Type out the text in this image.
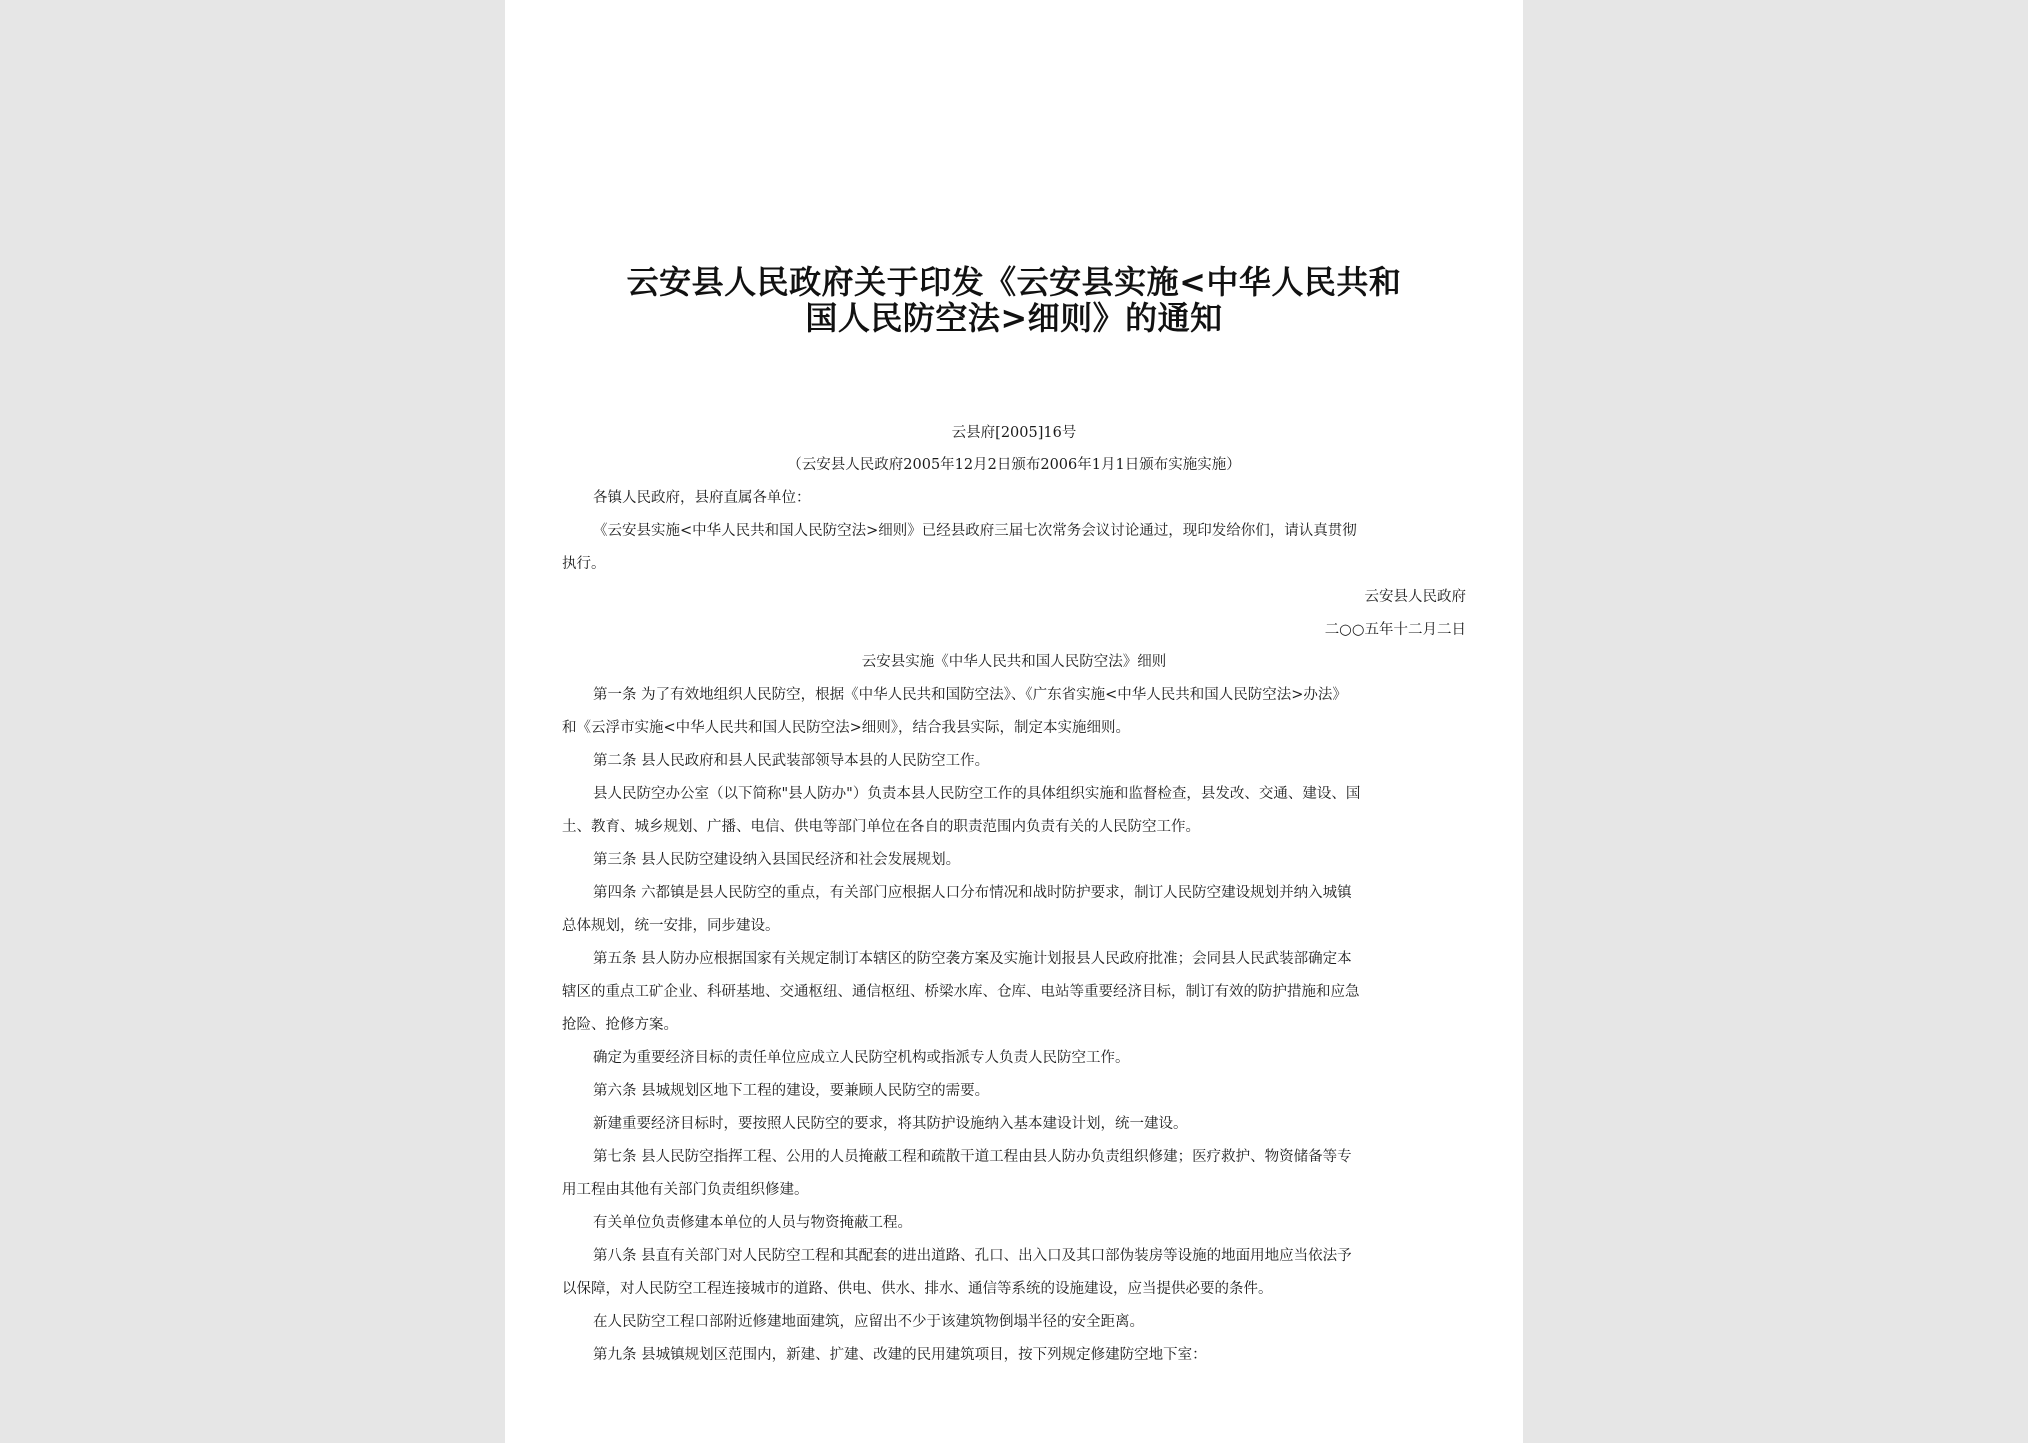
云安县人民政府关于印发《云安县实施<中华人民共和
国人民防空法>细则》的通知

云县府[2005]16号

（云安县人民政府2005年12月2日颁布2006年1月1日颁布实施实施）

各镇人民政府，县府直属各单位：

《云安县实施<中华人民共和国人民防空法>细则》已经县政府三届七次常务会议讨论通过，现印发给你们，请认真贯彻

执行。

云安县人民政府

二○○五年十二月二日

云安县实施《中华人民共和国人民防空法》细则

第一条 为了有效地组织人民防空，根据《中华人民共和国防空法》、《广东省实施<中华人民共和国人民防空法>办法》

和《云浮市实施<中华人民共和国人民防空法>细则》，结合我县实际，制定本实施细则。

第二条 县人民政府和县人民武装部领导本县的人民防空工作。

县人民防空办公室（以下简称"县人防办"）负责本县人民防空工作的具体组织实施和监督检查，县发改、交通、建设、国

土、教育、城乡规划、广播、电信、供电等部门单位在各自的职责范围内负责有关的人民防空工作。

第三条 县人民防空建设纳入县国民经济和社会发展规划。

第四条 六都镇是县人民防空的重点，有关部门应根据人口分布情况和战时防护要求，制订人民防空建设规划并纳入城镇

总体规划，统一安排，同步建设。

第五条 县人防办应根据国家有关规定制订本辖区的防空袭方案及实施计划报县人民政府批准；会同县人民武装部确定本

辖区的重点工矿企业、科研基地、交通枢纽、通信枢纽、桥梁水库、仓库、电站等重要经济目标，制订有效的防护措施和应急

抢险、抢修方案。

确定为重要经济目标的责任单位应成立人民防空机构或指派专人负责人民防空工作。

第六条 县城规划区地下工程的建设，要兼顾人民防空的需要。

新建重要经济目标时，要按照人民防空的要求，将其防护设施纳入基本建设计划，统一建设。

第七条 县人民防空指挥工程、公用的人员掩蔽工程和疏散干道工程由县人防办负责组织修建；医疗救护、物资储备等专

用工程由其他有关部门负责组织修建。

有关单位负责修建本单位的人员与物资掩蔽工程。

第八条 县直有关部门对人民防空工程和其配套的进出道路、孔口、出入口及其口部伪装房等设施的地面用地应当依法予

以保障，对人民防空工程连接城市的道路、供电、供水、排水、通信等系统的设施建设，应当提供必要的条件。

在人民防空工程口部附近修建地面建筑，应留出不少于该建筑物倒塌半径的安全距离。

第九条 县城镇规划区范围内，新建、扩建、改建的民用建筑项目，按下列规定修建防空地下室：
